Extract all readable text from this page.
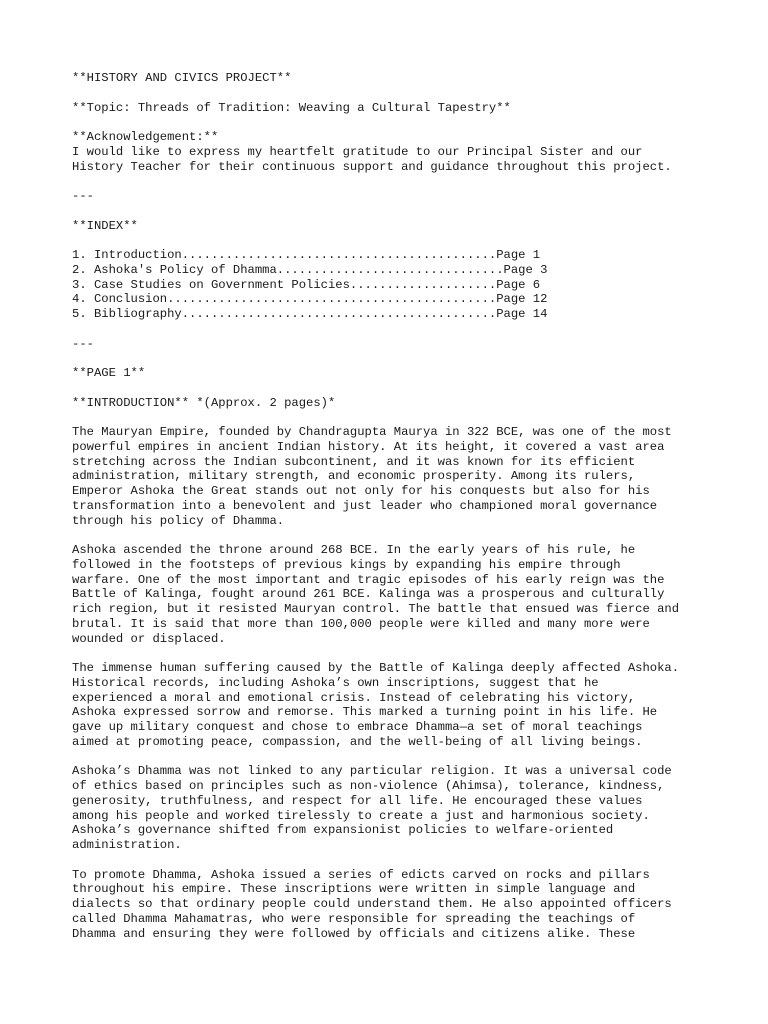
**HISTORY AND CIVICS PROJECT**
**Topic: Threads of Tradition: Weaving a Cultural Tapestry**
**Acknowledgement:**
I would like to express my heartfelt gratitude to our Principal Sister and our
History Teacher for their continuous support and guidance throughout this project.
---
**INDEX**
1. Introduction...........................................Page 1
2. Ashoka's Policy of Dhamma...............................Page 3
3. Case Studies on Government Policies....................Page 6
4. Conclusion.............................................Page 12
5. Bibliography...........................................Page 14
---
**PAGE 1**
**INTRODUCTION** *(Approx. 2 pages)*
The Mauryan Empire, founded by Chandragupta Maurya in 322 BCE, was one of the most
powerful empires in ancient Indian history. At its height, it covered a vast area
stretching across the Indian subcontinent, and it was known for its efficient
administration, military strength, and economic prosperity. Among its rulers,
Emperor Ashoka the Great stands out not only for his conquests but also for his
transformation into a benevolent and just leader who championed moral governance
through his policy of Dhamma.
Ashoka ascended the throne around 268 BCE. In the early years of his rule, he
followed in the footsteps of previous kings by expanding his empire through
warfare. One of the most important and tragic episodes of his early reign was the
Battle of Kalinga, fought around 261 BCE. Kalinga was a prosperous and culturally
rich region, but it resisted Mauryan control. The battle that ensued was fierce and
brutal. It is said that more than 100,000 people were killed and many more were
wounded or displaced.
The immense human suffering caused by the Battle of Kalinga deeply affected Ashoka.
Historical records, including Ashoka’s own inscriptions, suggest that he
experienced a moral and emotional crisis. Instead of celebrating his victory,
Ashoka expressed sorrow and remorse. This marked a turning point in his life. He
gave up military conquest and chose to embrace Dhamma—a set of moral teachings
aimed at promoting peace, compassion, and the well-being of all living beings.
Ashoka’s Dhamma was not linked to any particular religion. It was a universal code
of ethics based on principles such as non-violence (Ahimsa), tolerance, kindness,
generosity, truthfulness, and respect for all life. He encouraged these values
among his people and worked tirelessly to create a just and harmonious society.
Ashoka’s governance shifted from expansionist policies to welfare-oriented
administration.
To promote Dhamma, Ashoka issued a series of edicts carved on rocks and pillars
throughout his empire. These inscriptions were written in simple language and
dialects so that ordinary people could understand them. He also appointed officers
called Dhamma Mahamatras, who were responsible for spreading the teachings of
Dhamma and ensuring they were followed by officials and citizens alike. These
